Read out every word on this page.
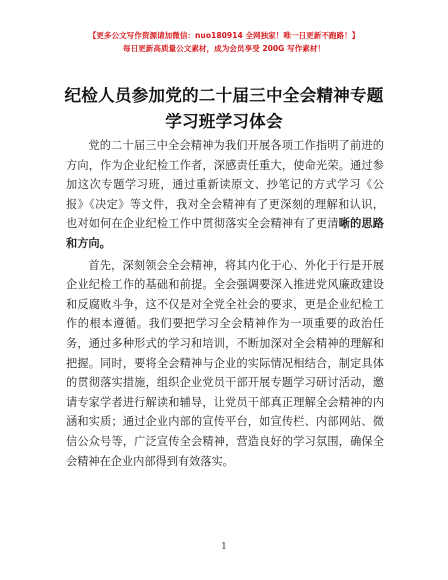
【更多公文写作资源请加微信：nuo180914 全网独家！唯一日更新不跑路！】
每日更新高质量公文素材，成为会员享受 200G 写作素材！
纪检人员参加党的二十届三中全会精神专题学习班学习体会

党的二十届三中全会精神为我们开展各项工作指明了前进的方向，作为企业纪检工作者，深感责任重大，使命光荣。通过参加这次专题学习班，通过重新读原文、抄笔记的方式学习《公报》《决定》等文件，我对全会精神有了更深刻的理解和认识，也对如何在企业纪检工作中贯彻落实全会精神有了更清晰的思路和方向。

首先，深刻领会全会精神，将其内化于心、外化于行是开展企业纪检工作的基础和前提。全会强调要深入推进党风廉政建设和反腐败斗争，这不仅是对全党全社会的要求，更是企业纪检工作的根本遵循。我们要把学习全会精神作为一项重要的政治任务，通过多种形式的学习和培训，不断加深对全会精神的理解和把握。同时，要将全会精神与企业的实际情况相结合，制定具体的贯彻落实措施，组织企业党员干部开展专题学习研讨活动，邀请专家学者进行解读和辅导，让党员干部真正理解全会精神的内涵和实质；通过企业内部的宣传平台，如宣传栏、内部网站、微信公众号等，广泛宣传全会精神，营造良好的学习氛围，确保全会精神在企业内部得到有效落实。

1
